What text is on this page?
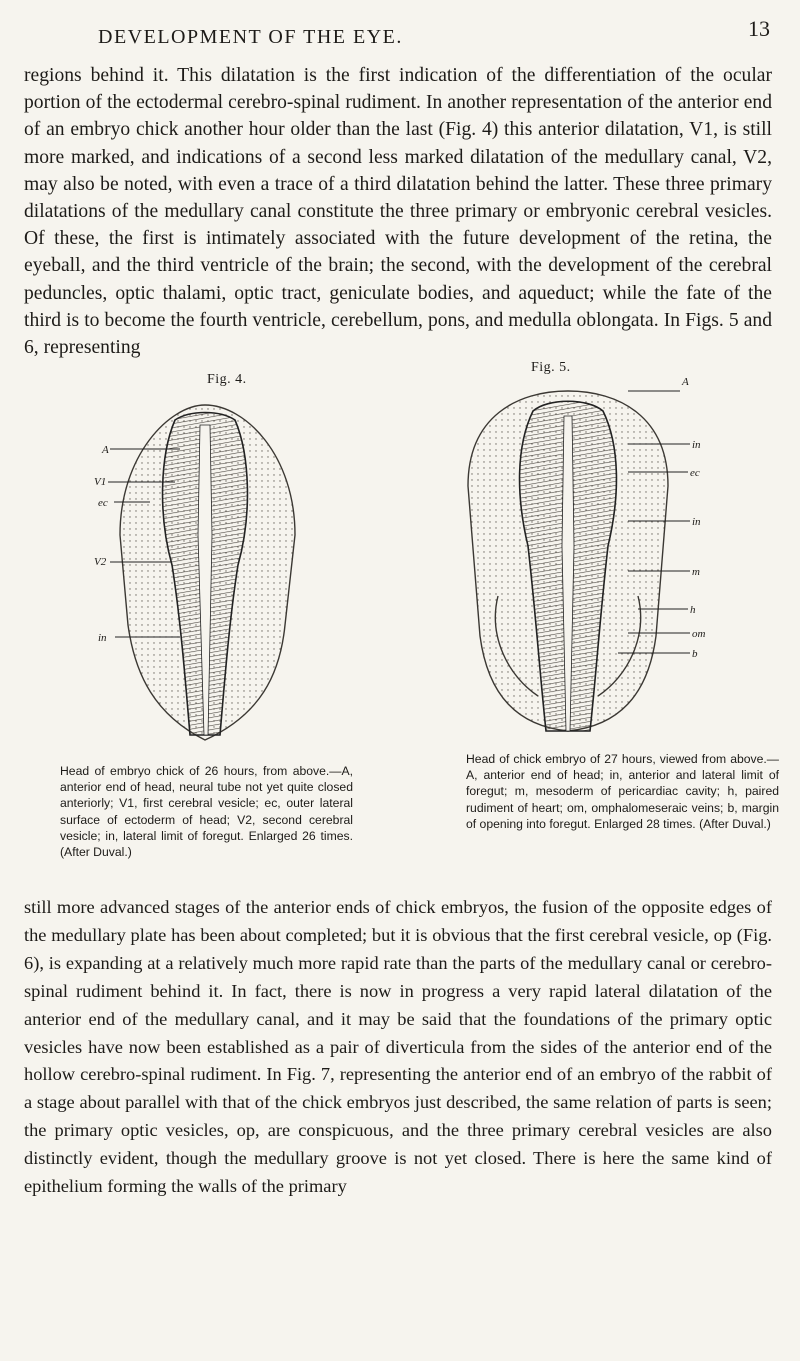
DEVELOPMENT OF THE EYE.	13

regions behind it. This dilatation is the first indication of the differentiation of the ocular portion of the ectodermal cerebro-spinal rudiment. In another representation of the anterior end of an embryo chick another hour older than the last (Fig. 4) this anterior dilatation, V1, is still more marked, and indications of a second less marked dilatation of the medullary canal, V2, may also be noted, with even a trace of a third dilatation behind the latter. These three primary dilatations of the medullary canal constitute the three primary or embryonic cerebral vesicles. Of these, the first is intimately associated with the future development of the retina, the eyeball, and the third ventricle of the brain; the second, with the development of the cerebral peduncles, optic thalami, optic tract, geniculate bodies, and aqueduct; while the fate of the third is to become the fourth ventricle, cerebellum, pons, and medulla oblongata. In Figs. 5 and 6, representing

Fig. 4.

Fig. 5.

A
V1
ec
V2
in
A
in
ec
in
m
h
om
b

Head of embryo chick of 26 hours, from above.—A, anterior end of head, neural tube not yet quite closed anteriorly; V1, first cerebral vesicle; ec, outer lateral surface of ectoderm of head; V2, second cerebral vesicle; in, lateral limit of foregut. Enlarged 26 times. (After Duval.)

Head of chick embryo of 27 hours, viewed from above.—A, anterior end of head; in, anterior and lateral limit of foregut; m, mesoderm of pericardiac cavity; h, paired rudiment of heart; om, omphalomeseraic veins; b, margin of opening into foregut. Enlarged 28 times. (After Duval.)

still more advanced stages of the anterior ends of chick embryos, the fusion of the opposite edges of the medullary plate has been about completed; but it is obvious that the first cerebral vesicle, op (Fig. 6), is expanding at a relatively much more rapid rate than the parts of the medullary canal or cerebro-spinal rudiment behind it. In fact, there is now in progress a very rapid lateral dilatation of the anterior end of the medullary canal, and it may be said that the foundations of the primary optic vesicles have now been established as a pair of diverticula from the sides of the anterior end of the hollow cerebro-spinal rudiment. In Fig. 7, representing the anterior end of an embryo of the rabbit of a stage about parallel with that of the chick embryos just described, the same relation of parts is seen; the primary optic vesicles, op, are conspicuous, and the three primary cerebral vesicles are also distinctly evident, though the medullary groove is not yet closed. There is here the same kind of epithelium forming the walls of the primary
